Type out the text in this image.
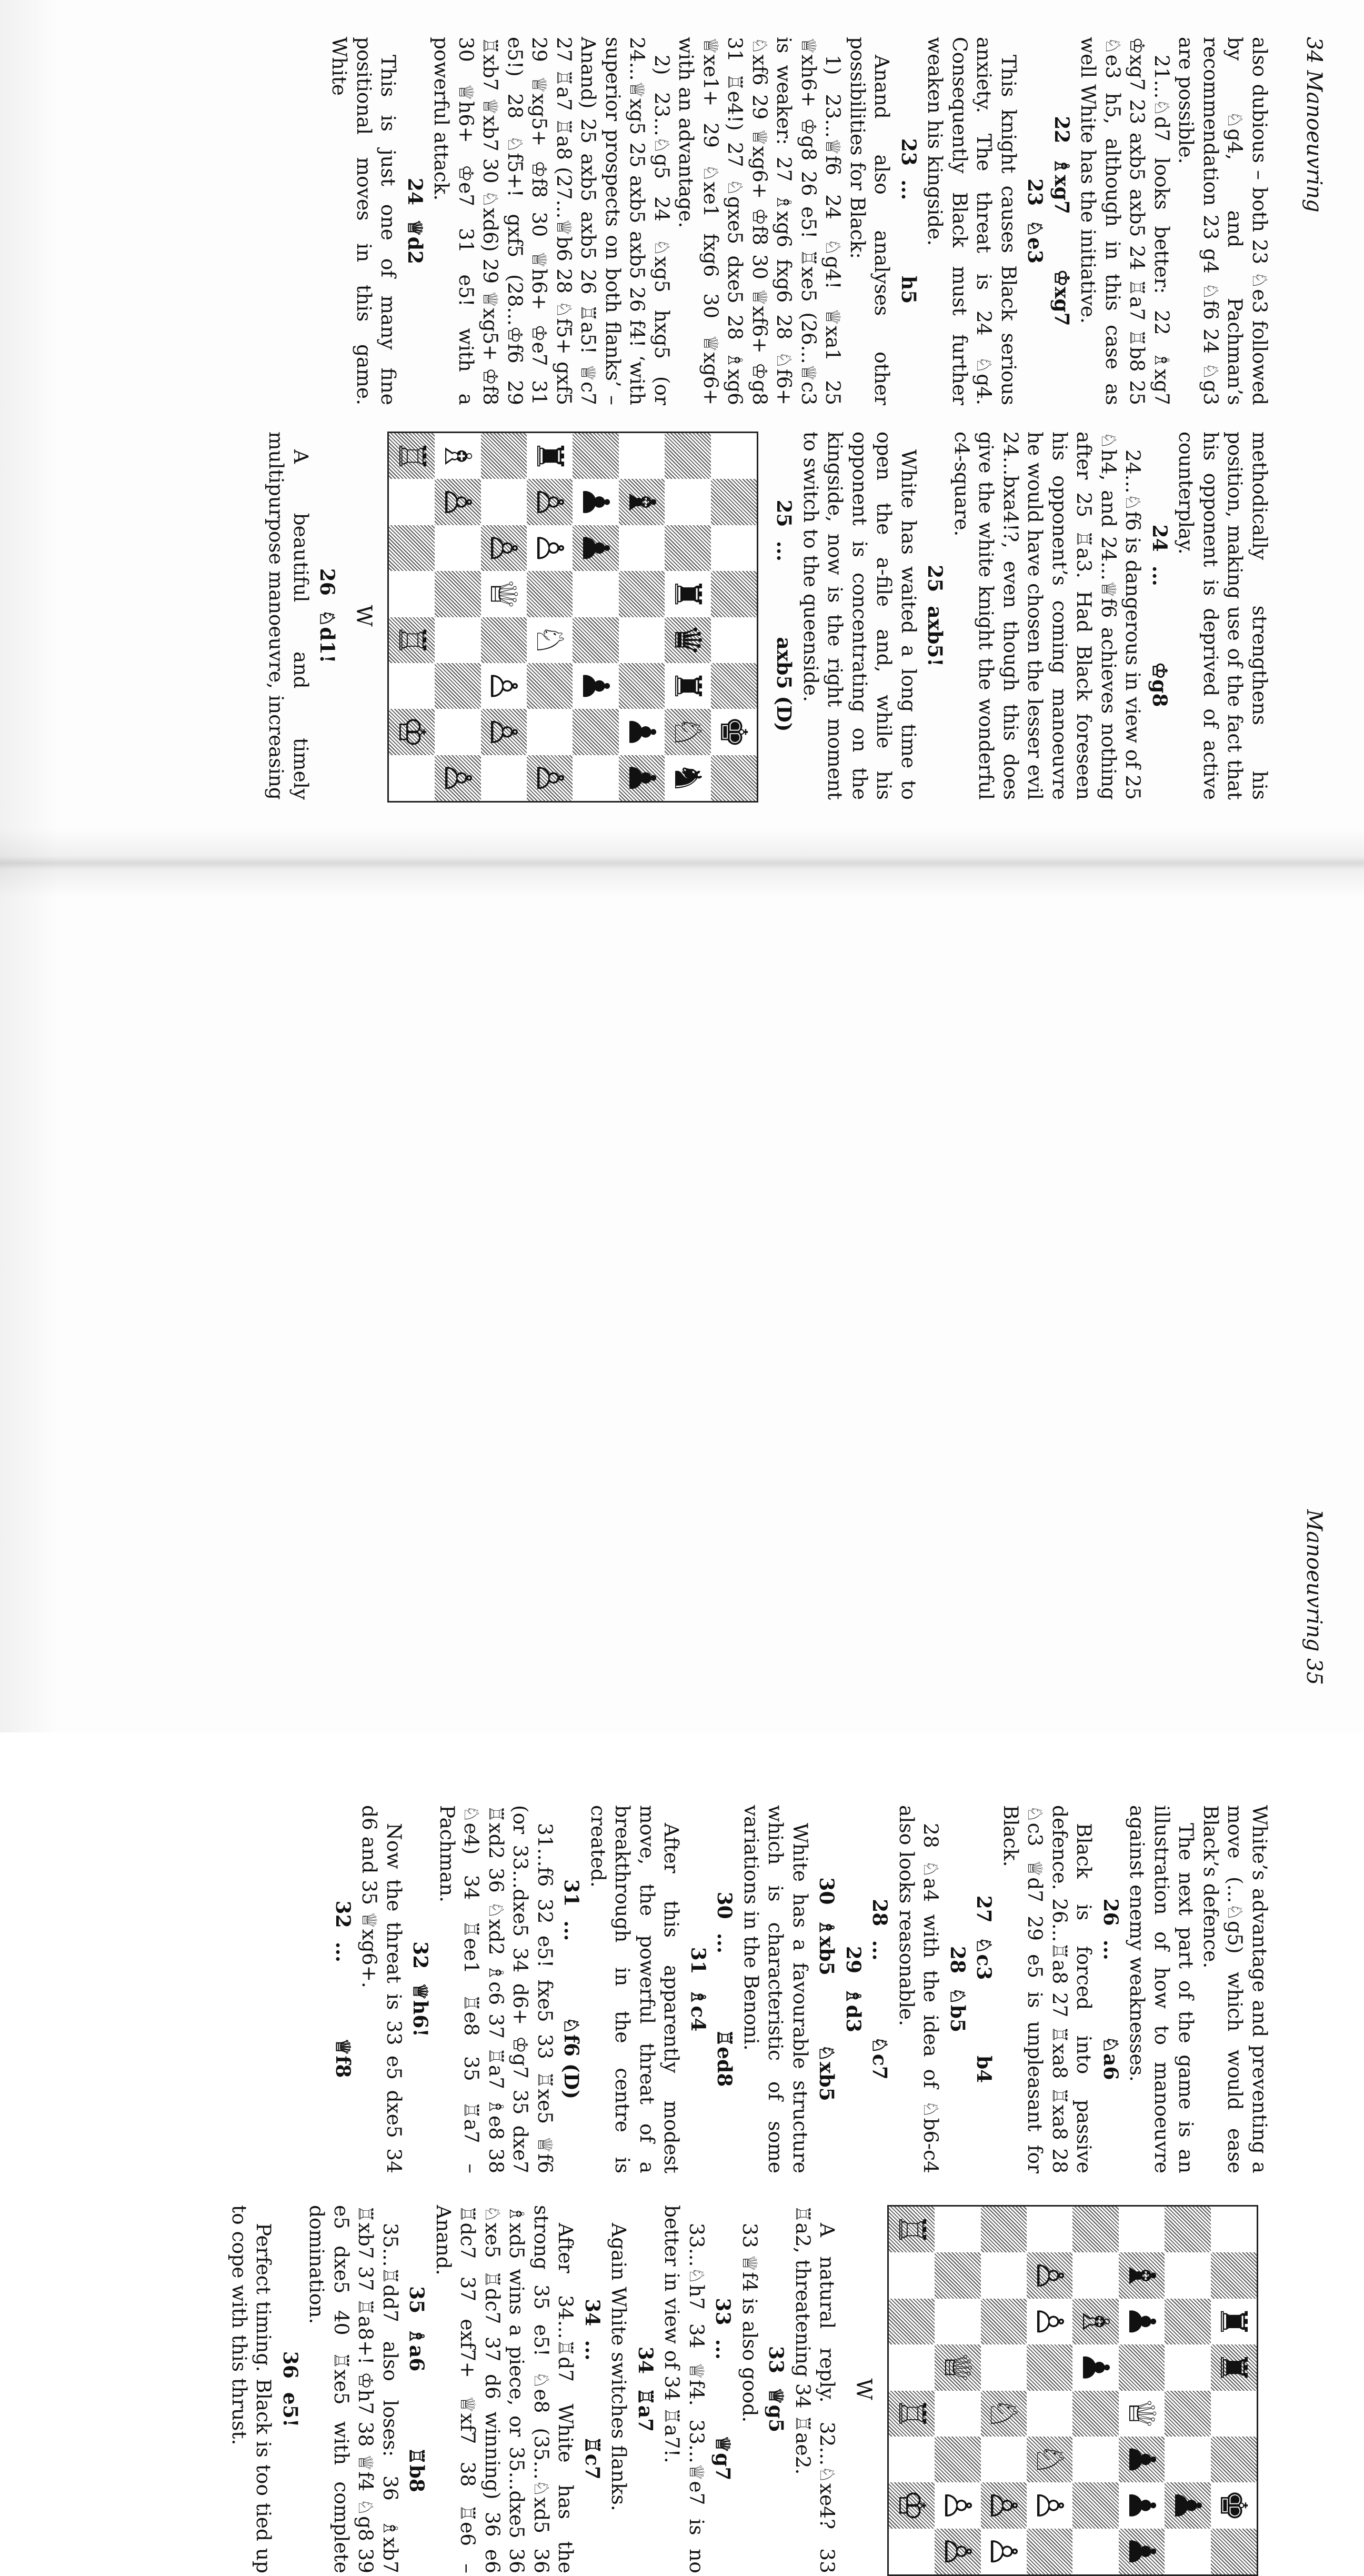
34 Manoeuvring

also dubious – both 23 ♘e3 followed by ♘g4, and Pachman’s recommendation 23 g4 ♘f6 24 ♘g3 are possible.

21...♘d7 looks better: 22 ♗xg7 ♔xg7 23 axb5 axb5 24 ♖a7 ♖b8 25 ♘e3 h5, although in this case as well White has the initiative.

22  ♗xg7        ♔xg7

23  ♘e3

This knight causes Black serious anxiety. The threat is 24 ♘g4. Consequently Black must further weaken his kingside.

23  ...           h5

Anand also analyses other possibilities for Black:

1) 23...♕f6 24 ♘g4! ♕xa1 25 ♕xh6+ ♔g8 26 e5! ♖xe5 (26...♕c3 is weaker: 27 ♗xg6 fxg6 28 ♘f6+ ♘xf6 29 ♕xg6+ ♔f8 30 ♕xf6+ ♔g8 31 ♖e4!) 27 ♘gxe5 dxe5 28 ♗xg6 ♕xe1+ 29 ♘xe1 fxg6 30 ♕xg6+ with an advantage.

2) 23...♘g5 24 ♘xg5 hxg5 (or 24...♕xg5 25 axb5 axb5 26 f4! ‘with superior prospects on both flanks’ – Anand) 25 axb5 axb5 26 ♖a5! ♕c7 27 ♖a7 ♖a8 (27...♕b6 28 ♘f5+ gxf5 29 ♕xg5+ ♔f8 30 ♕h6+ ♔e7 31 e5!) 28 ♘f5+! gxf5 (28...♔f6 29 ♖xb7 ♕xb7 30 ♘xd6) 29 ♕xg5+ ♔f8 30 ♕h6+ ♔e7 31 e5! with a powerful attack.

24  ♕d2

This is just one of many fine positional moves in this game. White

methodically strengthens his position, making use of the fact that his opponent is deprived of active counterplay.

24  ...           ♔g8

24...♘f6 is dangerous in view of 25 ♘h4, and 24...♕f6 achieves nothing after 25 ♖a3. Had Black foreseen his opponent’s coming manoeuvre he would have chosen the lesser evil 24...bxa4!?, even though this does give the white knight the wonderful c4-square.

25  axb5!

White has waited a long time to open the a-file and, while his opponent is concentrating on the kingside, now is the right moment to switch to the queenside.

25  ...           axb5 (D)

♚
♜
♛
♜
♘
♞
♝
♟
♟
♟
♟
♟
♜
♙
♙
♘
♙
♙
♕
♙
♙
♗
♙
♙
♖
♖
♔
W

26  ♘d1!

A beautiful and timely multipurpose manoeuvre, increasing

Manoeuvring 35

White’s advantage and preventing a move (...♘g5) which would ease Black’s defence.

The next part of the game is an illustration of how to manoeuvre against enemy weaknesses.

26  ...           ♘a6

Black is forced into passive defence. 26...♖a8 27 ♖xa8 ♖xa8 28 ♘c3 ♕d7 29 e5 is unpleasant for Black.

27  ♘c3           b4

28  ♘b5

28 ♘a4 with the idea of ♘b6-c4 also looks reasonable.

28  ...           ♘c7

29  ♗d3

30  ♗xb5          ♘xb5

White has a favourable structure which is characteristic of some variations in the Benoni.

30  ...           ♖ed8

31  ♗c4

After this apparently modest move, the powerful threat of a breakthrough in the centre is created.

31  ...           ♘f6 (D)

31...f6 32 e5! fxe5 33 ♖xe5 ♕f6 (or 33...dxe5 34 d6+ ♔g7 35 dxe7 ♖xd2 36 ♘xd2 ♗c6 37 ♖a7 ♗e8 38 ♘e4) 34 ♖ee1 ♖e8 35 ♖a7 – Pachman.

32  ♕h6!

Now the threat is 33 e5 dxe5 34 d6 and 35 ♕xg6+.

32  ...           ♕f8

♜
♜
♚
♟
♝
♟
♕
♟
♟
♟
♗
♟
♙
♙
♘
♙
♘
♙
♙
♕
♙
♙
♖
♖
♔
W

A natural reply. 32...♘xe4? 33 ♖a2, threatening 34 ♖ae2.

33  ♕g5

33 ♕f4 is also good.

33  ...           ♕g7

33...♘h7 34 ♕f4. 33...♕e7 is no better in view of 34 ♖a7!.

34  ♖a7

Again White switches flanks.

34  ...           ♖c7

After 34...♖d7 White has the strong 35 e5! ♘e8 (35...♘xd5 36 ♗xd5 wins a piece, or 35...dxe5 36 ♘xe5 ♖dc7 37 d6 winning) 36 e6 ♖dc7 37 exf7+ ♕xf7 38 ♖e6 – Anand.

35  ♗a6           ♖b8

35...♖dd7 also loses: 36 ♗xb7 ♖xb7 37 ♖a8+! ♔h7 38 ♕f4 ♘g8 39 e5 dxe5 40 ♖xe5 with complete domination.

36  e5!

Perfect timing. Black is too tied up to cope with this thrust.
